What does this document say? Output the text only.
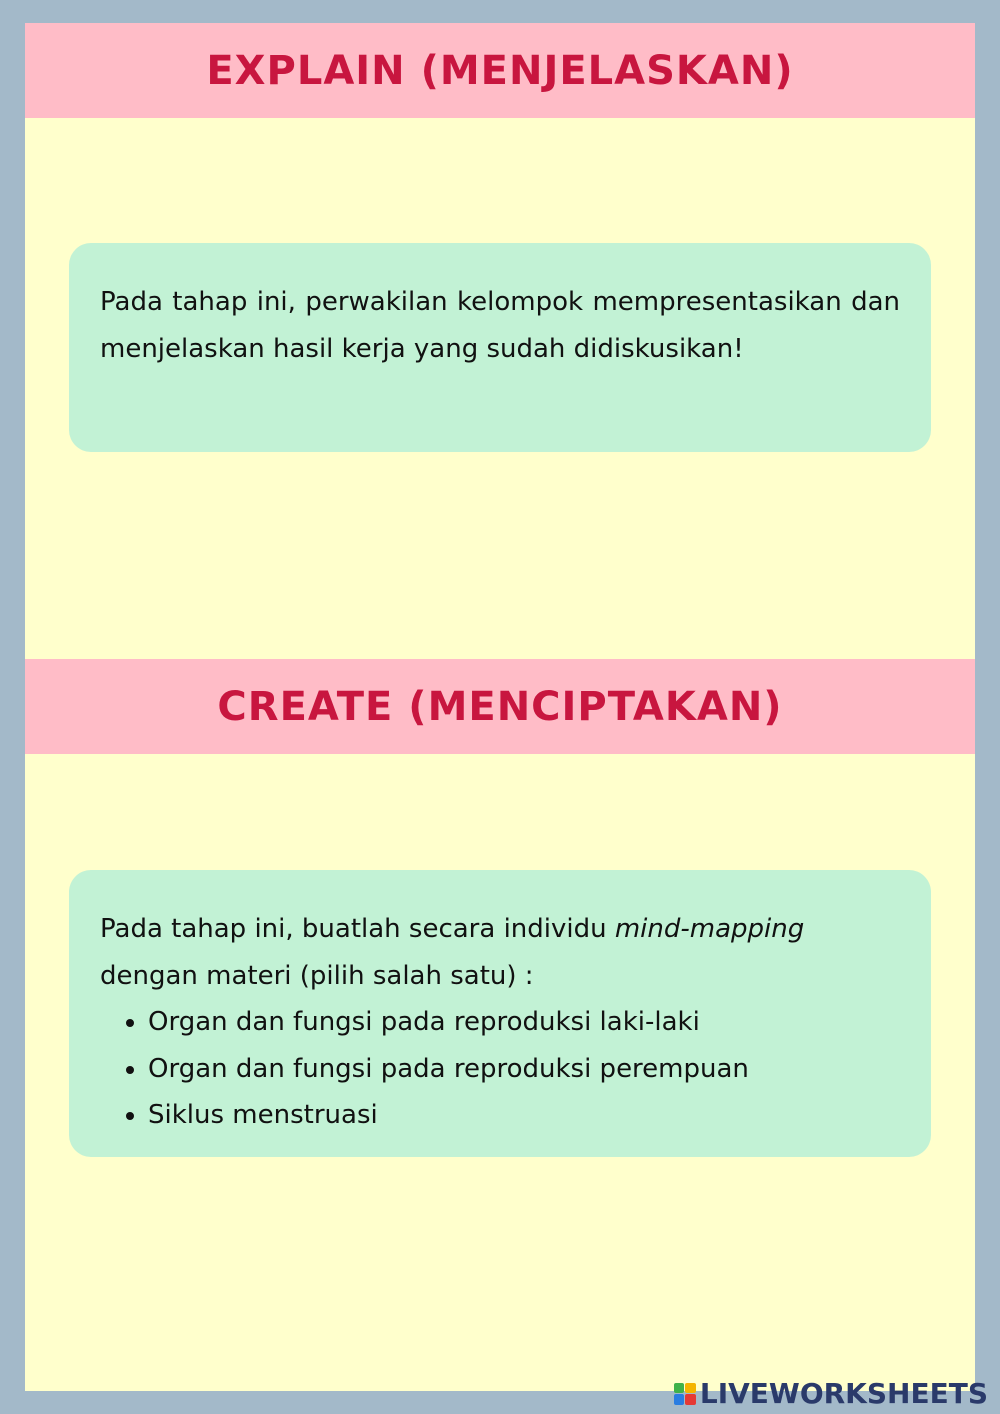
EXPLAIN (MENJELASKAN)

Pada tahap ini, perwakilan kelompok mempresentasikan dan menjelaskan hasil kerja yang sudah didiskusikan!

CREATE (MENCIPTAKAN)

Pada tahap ini, buatlah secara individu mind-mapping dengan materi (pilih salah satu) :

• Organ dan fungsi pada reproduksi laki-laki
• Organ dan fungsi pada reproduksi perempuan
• Siklus menstruasi
LIVEWORKSHEETS
